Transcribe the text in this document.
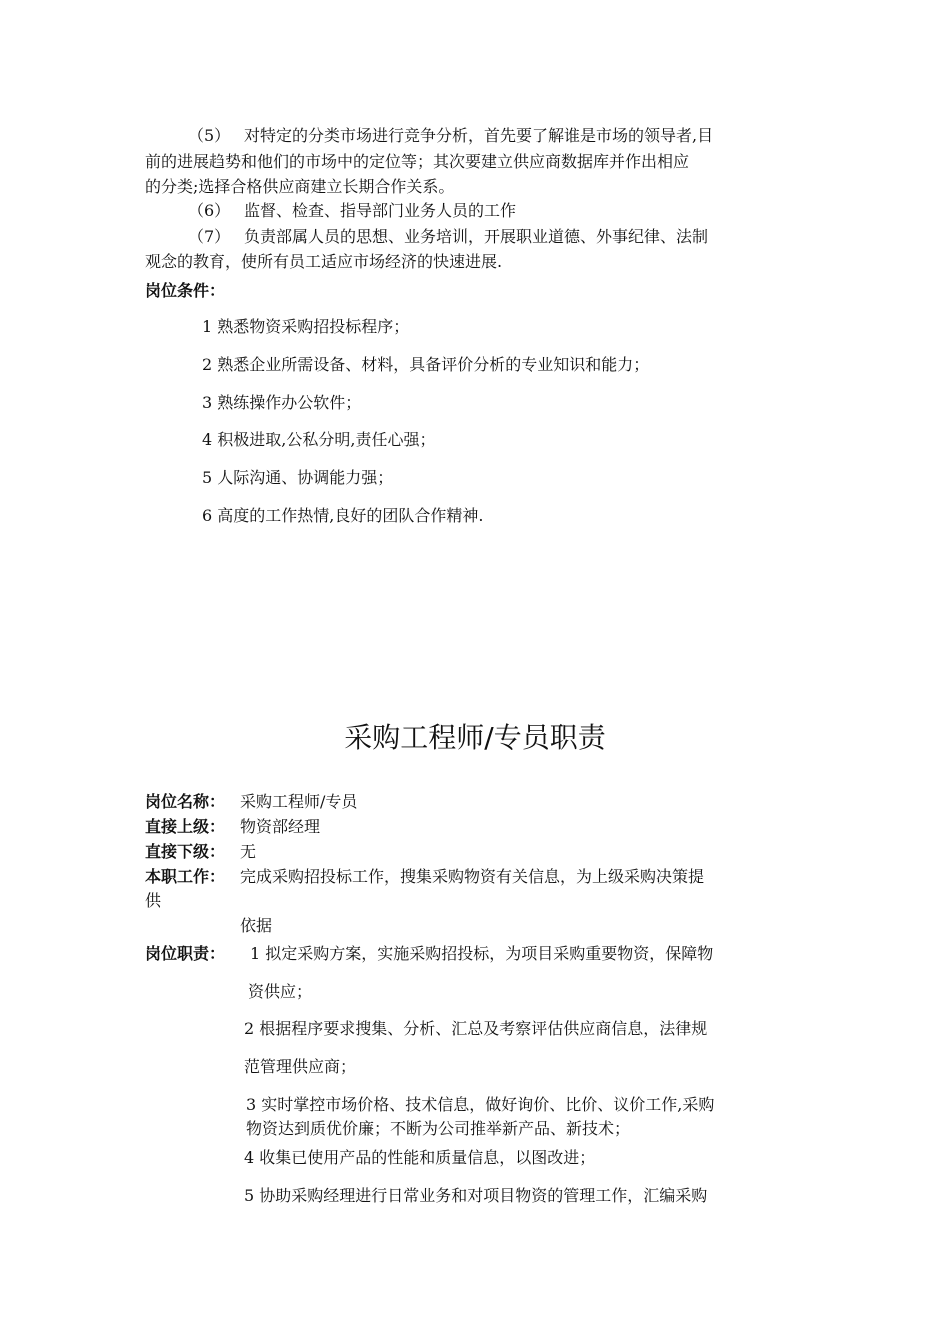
（5） 对特定的分类市场进行竞争分析，首先要了解谁是市场的领导者,目
前的进展趋势和他们的市场中的定位等；其次要建立供应商数据库并作出相应
的分类;选择合格供应商建立长期合作关系。
（6） 监督、检查、指导部门业务人员的工作
（7） 负责部属人员的思想、业务培训，开展职业道德、外事纪律、法制
观念的教育，使所有员工适应市场经济的快速进展.
岗位条件：
1 熟悉物资采购招投标程序；
2 熟悉企业所需设备、材料，具备评价分析的专业知识和能力；
3 熟练操作办公软件；
4 积极进取,公私分明,责任心强；
5 人际沟通、协调能力强；
6 高度的工作热情,良好的团队合作精神.
采购工程师/专员职责
岗位名称： 采购工程师/专员
直接上级： 物资部经理
直接下级： 无
本职工作： 完成采购招投标工作，搜集采购物资有关信息，为上级采购决策提
供
依据
岗位职责： 1 拟定采购方案，实施采购招投标，为项目采购重要物资，保障物
资供应；
2 根据程序要求搜集、分析、汇总及考察评估供应商信息，法律规
范管理供应商；
3 实时掌控市场价格、技术信息，做好询价、比价、议价工作,采购
物资达到质优价廉；不断为公司推举新产品、新技术；
4 收集已使用产品的性能和质量信息，以图改进；
5 协助采购经理进行日常业务和对项目物资的管理工作，汇编采购
